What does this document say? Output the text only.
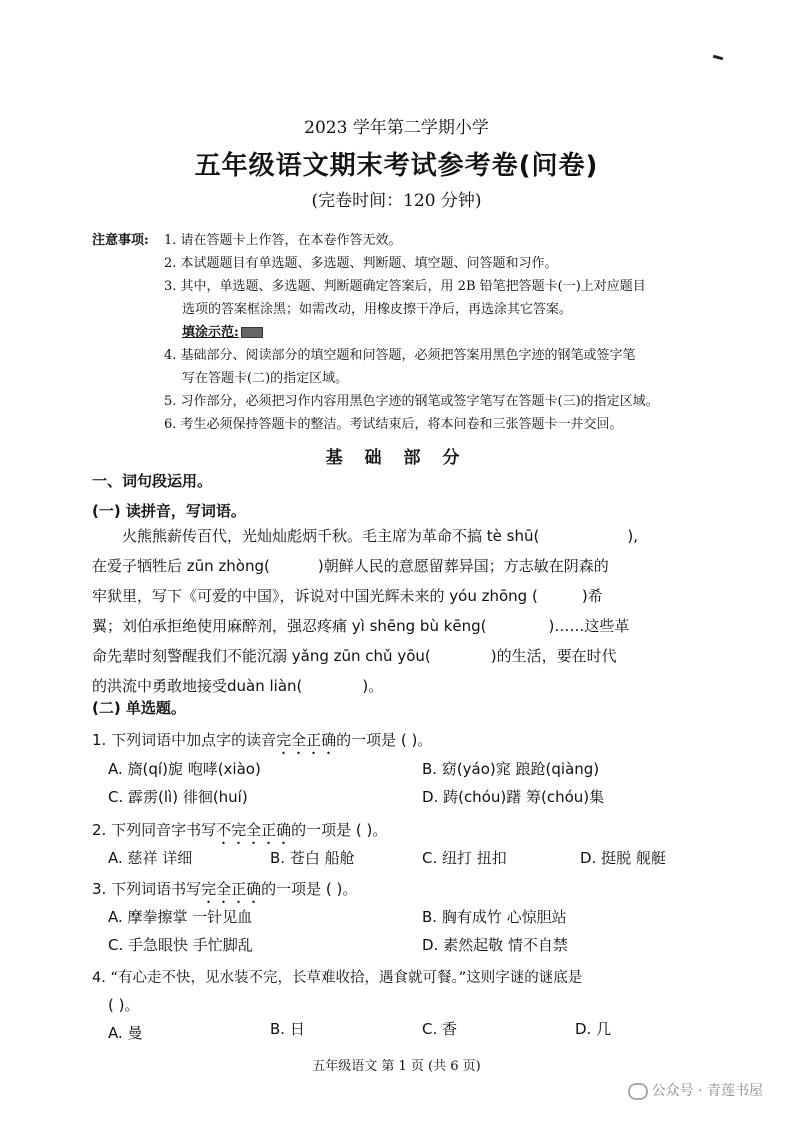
2023 学年第二学期小学
五年级语文期末考试参考卷(问卷)
(完卷时间：120 分钟)
注意事项:	1. 请在答题卡上作答，在本卷作答无效。
2. 本试题题目有单选题、多选题、判断题、填空题、问答题和习作。
3. 其中，单选题、多选题、判断题确定答案后，用 2B 铅笔把答题卡(一)上对应题目
选项的答案框涂黑；如需改动，用橡皮擦干净后，再选涂其它答案。
填涂示范:
4. 基础部分、阅读部分的填空题和问答题，必须把答案用黑色字迹的钢笔或签字笔
写在答题卡(二)的指定区域。
5. 习作部分，必须把习作内容用黑色字迹的钢笔或签字笔写在答题卡(三)的指定区域。
6. 考生必须保持答题卡的整洁。考试结束后，将本问卷和三张答题卡一并交回。
基 础 部 分
一、词句段运用。
(一) 读拼音，写词语。
火熊熊薪传百代，光灿灿彪炳千秋。毛主席为革命不搞 tè shū(	),
在爱子牺牲后 zūn zhòng(	)朝鲜人民的意愿留葬异国；方志敏在阴森的
牢狱里，写下《可爱的中国》，诉说对中国光辉未来的 yóu zhōng (	)希
翼；刘伯承拒绝使用麻醉剂，强忍疼痛 yì shēng bù kēng(	)……这些革
命先辈时刻警醒我们不能沉溺 yǎng zūn chǔ yōu(	)的生活，要在时代
的洪流中勇敢地接受duàn liàn(	)。
(二) 单选题。
1. 下列词语中加点字的读音完全正确的一项是 ( )。
A. 旖(qí)旎 咆哮(xiào)	B. 窈(yáo)窕 踉跄(qiàng)
C. 霹雳(lì) 徘徊(huí)	D. 踌(chóu)躇 筹(chóu)集
2. 下列同音字书写不完全正确的一项是 ( )。
A. 慈祥 详细	B. 苍白 船舱	C. 纽打 扭扣	D. 挺脱 舰艇
3. 下列词语书写完全正确的一项是 ( )。
A. 摩拳擦掌 一针见血	B. 胸有成竹 心惊胆站
C. 手急眼快 手忙脚乱	D. 素然起敬 情不自禁
4. “有心走不快，见水装不完，长草难收拾，遇食就可餐。”这则字谜的谜底是
( )。
A. 曼	B. 日	C. 香	D. 几
五年级语文 第 1 页 (共 6 页)
公众号 · 青莲书屋
